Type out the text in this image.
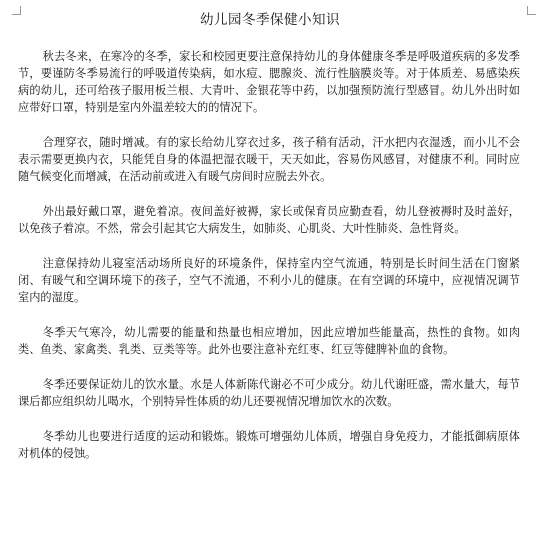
幼儿园冬季保健小知识

秋去冬来，在寒冷的冬季，家长和校园更要注意保持幼儿的身体健康冬季是呼吸道疾病的多发季节，要谨防冬季易流行的呼吸道传染病，如水痘、腮腺炎、流行性脑膜炎等。对于体质差、易感染疾病的幼儿，还可给孩子服用板兰根、大青叶、金银花等中药，以加强预防流行型感冒。幼儿外出时如应带好口罩，特别是室内外温差较大的的情况下。

合理穿衣，随时增减。有的家长给幼儿穿衣过多，孩子稍有活动，汗水把内衣湿透，而小儿不会表示需要更换内衣，只能凭自身的体温把湿衣暖干，天天如此，容易伤风感冒，对健康不利。同时应随气候变化而增减，在活动前或进入有暖气房间时应脱去外衣。

外出最好戴口罩，避免着凉。夜间盖好被褥，家长或保育员应勤查看，幼儿登被褥时及时盖好，以免孩子着凉。不然，常会引起其它大病发生，如肺炎、心肌炎、大叶性肺炎、急性肾炎。

注意保持幼儿寝室活动场所良好的环境条件，保持室内空气流通，特别是长时间生活在门窗紧闭、有暖气和空调环境下的孩子，空气不流通，不利小儿的健康。在有空调的环境中，应视情况调节室内的湿度。

冬季天气寒冷，幼儿需要的能量和热量也相应增加，因此应增加些能量高，热性的食物。如肉类、鱼类、家禽类、乳类、豆类等等。此外也要注意补充红枣、红豆等健脾补血的食物。

冬季还要保证幼儿的饮水量。水是人体新陈代谢必不可少成分。幼儿代谢旺盛，需水量大，每节课后都应组织幼儿喝水，个别特异性体质的幼儿还要视情况增加饮水的次数。

冬季幼儿也要进行适度的运动和锻炼。锻炼可增强幼儿体质，增强自身免疫力，才能抵御病原体对机体的侵蚀。
